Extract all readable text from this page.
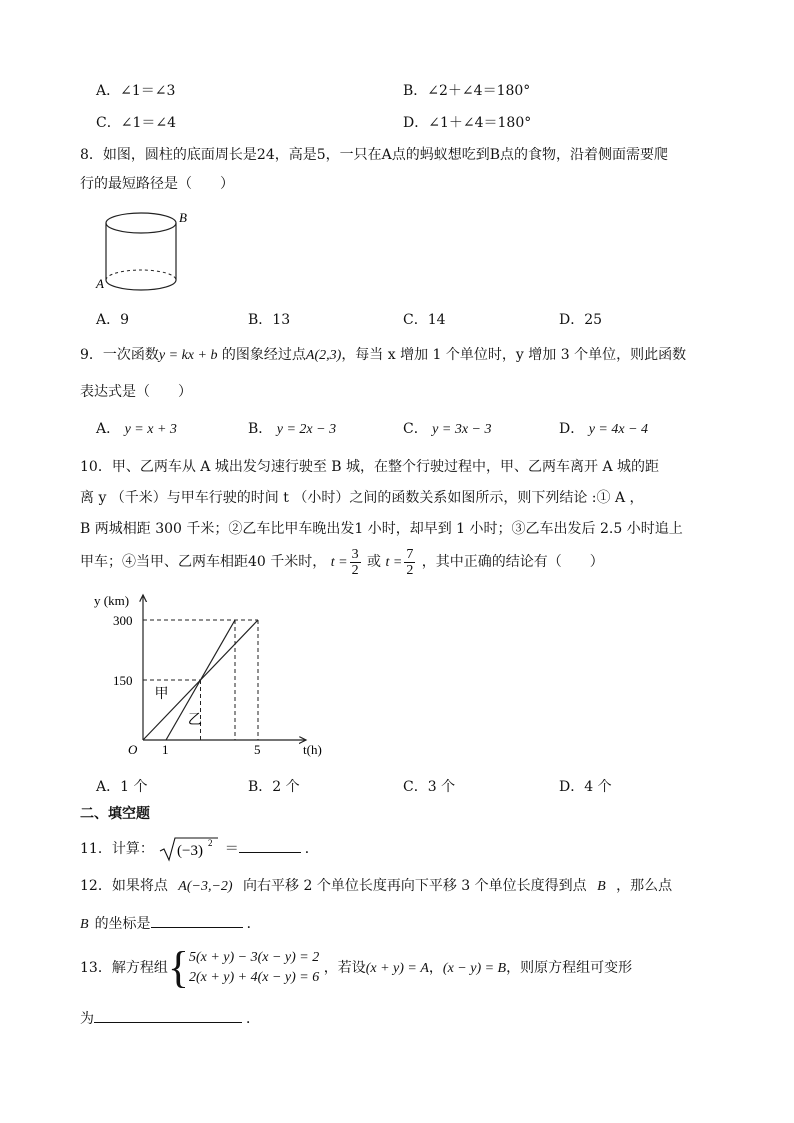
A．∠1＝∠3	B．∠2＋∠4＝180°
C．∠1＝∠4	D．∠1＋∠4＝180°
8．如图，圆柱的底面周长是24，高是5，一只在A点的蚂蚁想吃到B点的食物，沿着侧面需要爬
行的最短路径是（　　）
B
A
A．9	B．13	C．14	D．25
9．一次函数y = kx + b 的图象经过点A(2,3)，每当 x 增加 1 个单位时，y 增加 3 个单位，则此函数
表达式是（　　）
A． y = x + 3	B． y = 2x − 3	C． y = 3x − 3	D． y = 4x − 4
10．甲、乙两车从 A 城出发匀速行驶至 B 城，在整个行驶过程中，甲、乙两车离开 A 城的距
离 y （千米）与甲车行驶的时间 t （小时）之间的函数关系如图所示，则下列结论 :① A ，
B 两城相距 300 千米；②乙车比甲车晚出发1 小时，却早到 1 小时；③乙车出发后 2.5 小时追上
甲车；④当甲、乙两车相距40 千米时， $t = \frac{3}{2}$ 或 $t = \frac{7}{2}$ ，其中正确的结论有（　　）
y (km)
t(h)
O
甲
乙
150
300
1	5
A．1 个	B．2 个	C．3 个	D．4 个
二、填空题
11．计算： (−3) 2 ＝	．
12．如果将点 A(−3,−2) 向右平移 2 个单位长度再向下平移 3 个单位长度得到点 B ，那么点
B 的坐标是	．
13．解方程组{ 5(x + y) − 3(x − y) = 2
2(x + y) + 4(x − y) = 6
，若设(x + y) = A，(x − y) = B，则原方程组可变形
为	．
